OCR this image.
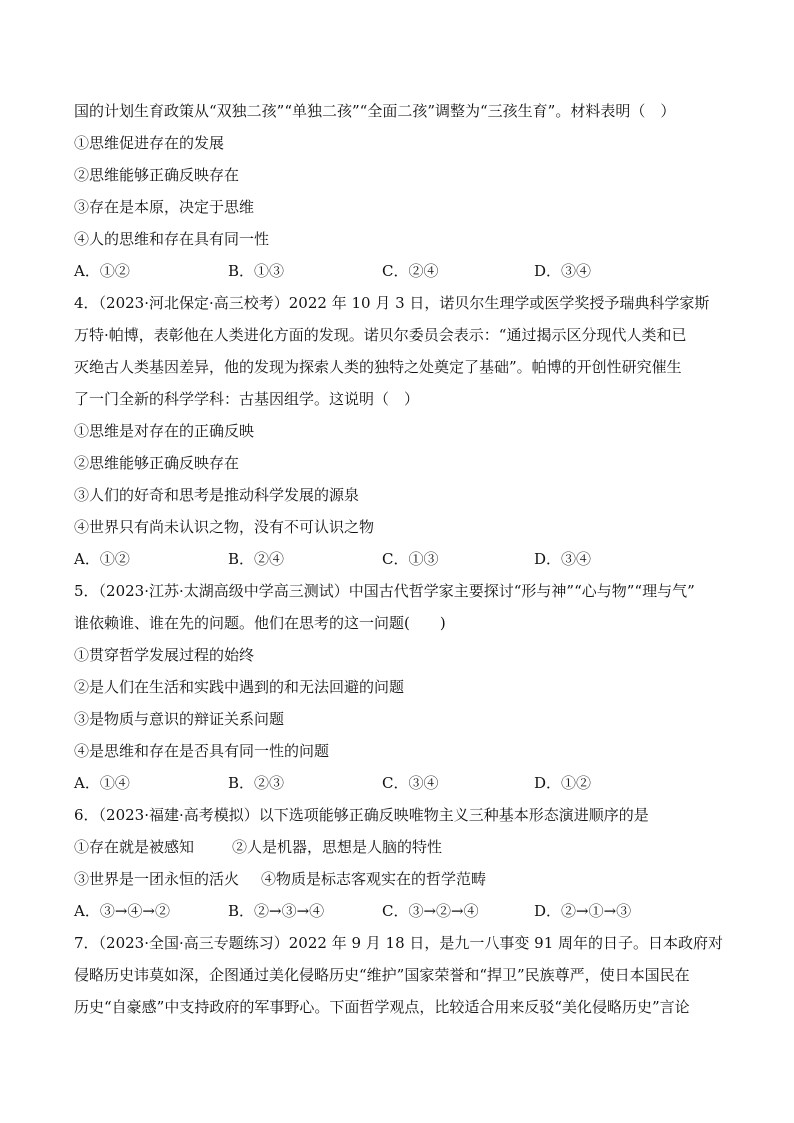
国的计划生育政策从“双独二孩”“单独二孩”“全面二孩”调整为“三孩生育”。材料表明（　）
①思维促进存在的发展
②思维能够正确反映存在
③存在是本原，决定于思维
④人的思维和存在具有同一性
A．①②	B．①③	C．②④	D．③④
4．（2023·河北保定·高三校考）2022 年 10 月 3 日，诺贝尔生理学或医学奖授予瑞典科学家斯
万特·帕博，表彰他在人类进化方面的发现。诺贝尔委员会表示：“通过揭示区分现代人类和已
灭绝古人类基因差异，他的发现为探索人类的独特之处奠定了基础”。帕博的开创性研究催生
了一门全新的科学学科：古基因组学。这说明（　）
①思维是对存在的正确反映
②思维能够正确反映存在
③人们的好奇和思考是推动科学发展的源泉
④世界只有尚未认识之物，没有不可认识之物
A．①②	B．②④	C．①③	D．③④
5．（2023·江苏·太湖高级中学高三测试）中国古代哲学家主要探讨“形与神”“心与物”“理与气”
谁依赖谁、谁在先的问题。他们在思考的这一问题(　　)
①贯穿哲学发展过程的始终
②是人们在生活和实践中遇到的和无法回避的问题
③是物质与意识的辩证关系问题
④是思维和存在是否具有同一性的问题
A．①④	B．②③	C．③④	D．①②
6．（2023·福建·高考模拟）以下选项能够正确反映唯物主义三种基本形态演进顺序的是
①存在就是被感知	②人是机器，思想是人脑的特性
③世界是一团永恒的活火 ④物质是标志客观实在的哲学范畴
A．③→④→②	B．②→③→④	C．③→②→④	D．②→①→③
7．（2023·全国·高三专题练习）2022 年 9 月 18 日，是九一八事变 91 周年的日子。日本政府对
侵略历史讳莫如深，企图通过美化侵略历史“维护”国家荣誉和“捍卫”民族尊严，使日本国民在
历史“自豪感”中支持政府的军事野心。下面哲学观点，比较适合用来反驳“美化侵略历史”言论
